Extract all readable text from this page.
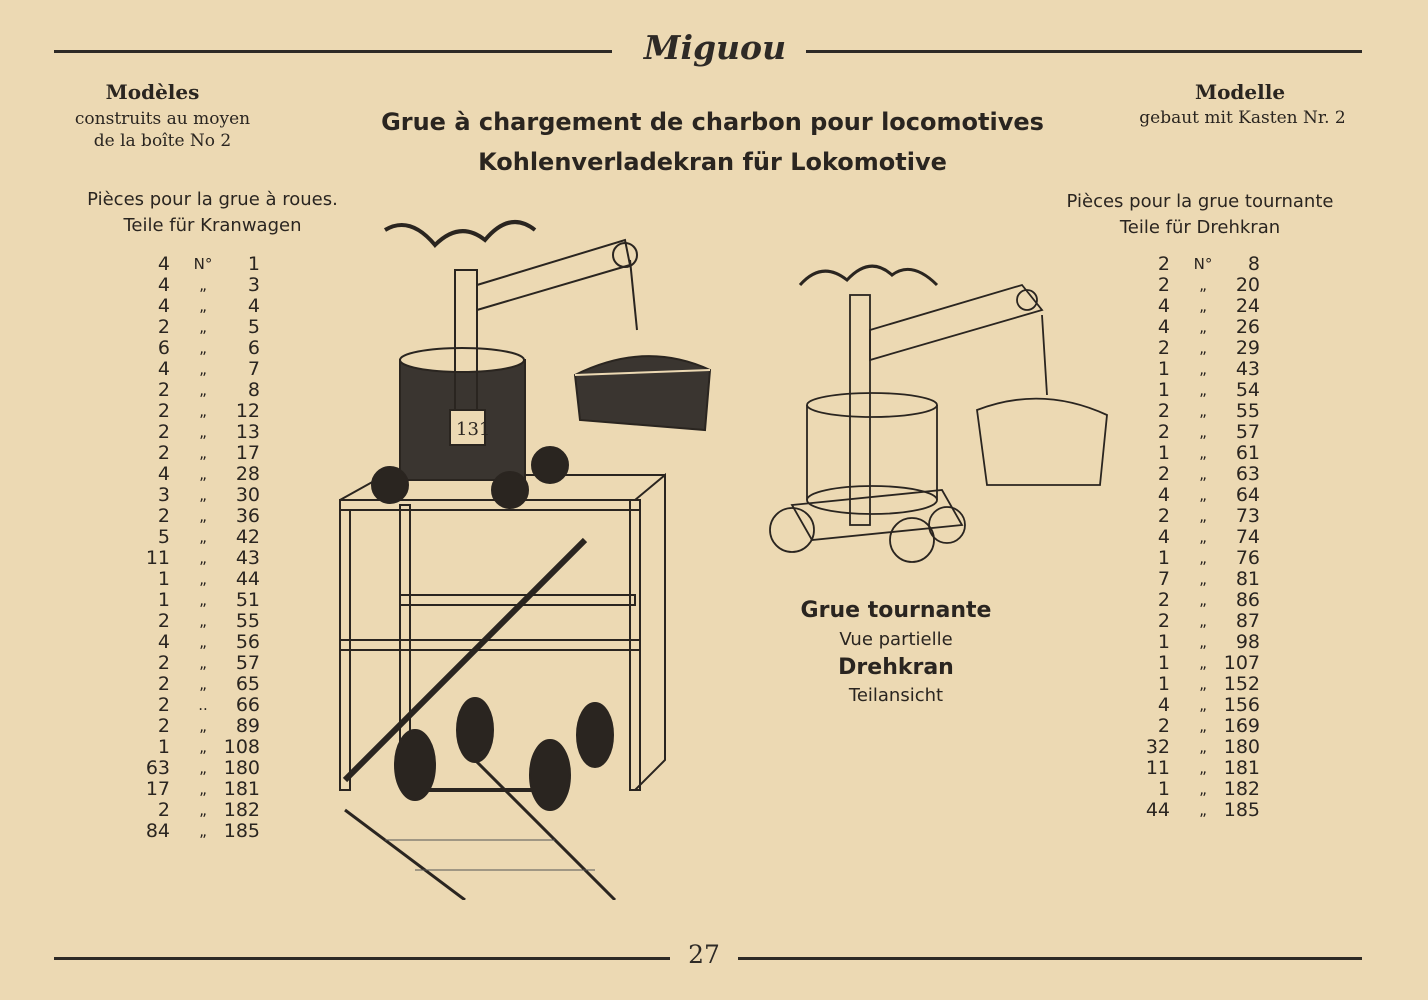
Miguou
Modèles
construits au moyen
de la boîte No 2
Modelle
gebaut mit Kasten Nr. 2
Grue à chargement de charbon pour locomotives
Kohlenverladekran für Lokomotive
Pièces pour la grue à roues.
Teile für Kranwagen
Pièces pour la grue tournante
Teile für Drehkran
4	N°	1
4	„	3
4	„	4
2	„	5
6	„	6
4	„	7
2	„	8
2	„	12
2	„	13
2	„	17
4	„	28
3	„	30
2	„	36
5	„	42
11	„	43
1	„	44
1	„	51
2	„	55
4	„	56
2	„	57
2	„	65
2	..	66
2	„	89
1	„ 108
63	„ 180
17	„ 181
2	„ 182
84	„ 185
2	N°	8
2	„	20
4	„	24
4	„	26
2	„	29
1	„	43
1	„	54
2	„	55
2	„	57
1	„	61
2	„	63
4	„	64
2	„	73
4	„	74
1	„	76
7	„	81
2	„	86
2	„	87
1	„	98
1	„ 107
1	„ 152
4	„ 156
2	„ 169
32	„ 180
11	„ 181
1	„ 182
44	„ 185
131
Grue tournante
Vue partielle
Drehkran
Teilansicht
27
